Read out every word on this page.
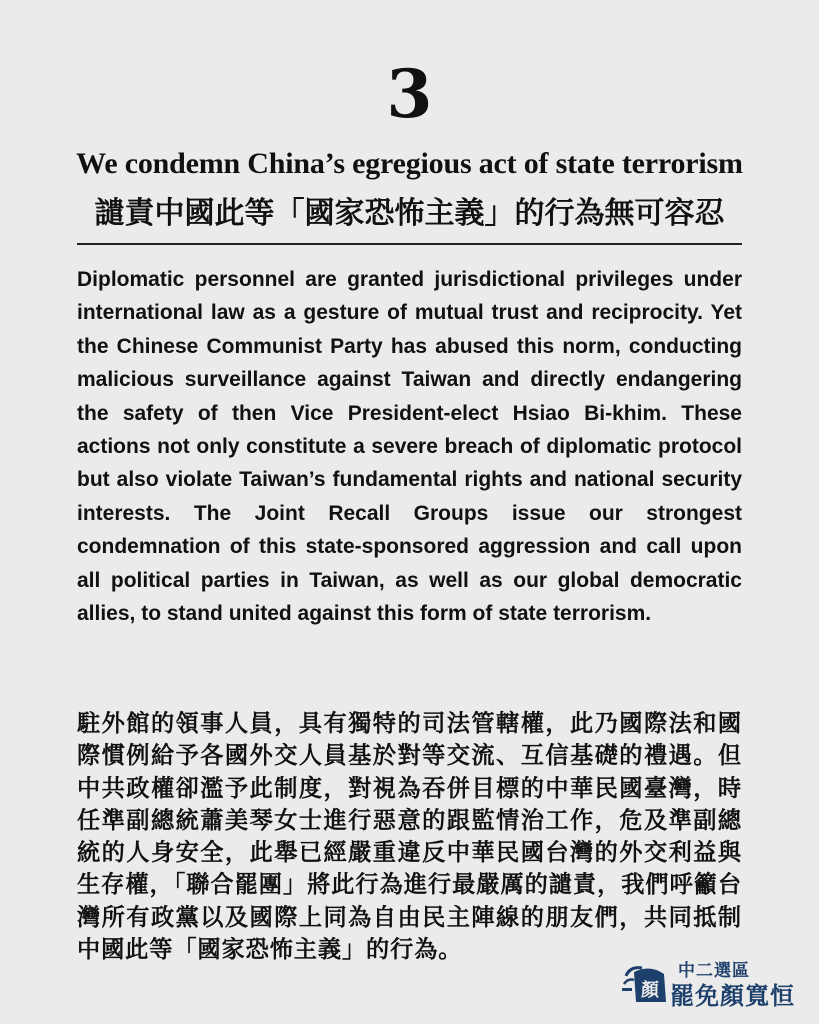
3
We condemn China’s egregious act of state terrorism
譴責中國此等「國家恐怖主義」的行為無可容忍
Diplomatic personnel are granted jurisdictional privileges under international law as a gesture of mutual trust and reciprocity. Yet the Chinese Communist Party has abused this norm, conducting malicious surveillance against Taiwan and directly endangering the safety of then Vice President-elect Hsiao Bi-khim. These actions not only constitute a severe breach of diplomatic protocol but also violate Taiwan’s fundamental rights and national security interests. The Joint Recall Groups issue our strongest condemnation of this state-sponsored aggression and call upon all political parties in Taiwan, as well as our global democratic allies, to stand united against this form of state terrorism.
駐外館的領事人員，具有獨特的司法管轄權，此乃國際法和國際慣例給予各國外交人員基於對等交流、互信基礎的禮遇。但中共政權卻濫予此制度，對視為吞併目標的中華民國臺灣，時任準副總統蕭美琴女士進行惡意的跟監情治工作，危及準副總統的人身安全，此舉已經嚴重違反中華民國台灣的外交利益與生存權，「聯合罷團」將此行為進行最嚴厲的譴責，我們呼籲台灣所有政黨以及國際上同為自由民主陣線的朋友們，共同抵制中國此等「國家恐怖主義」的行為。
顏
中二選區
罷免顏寬恒
